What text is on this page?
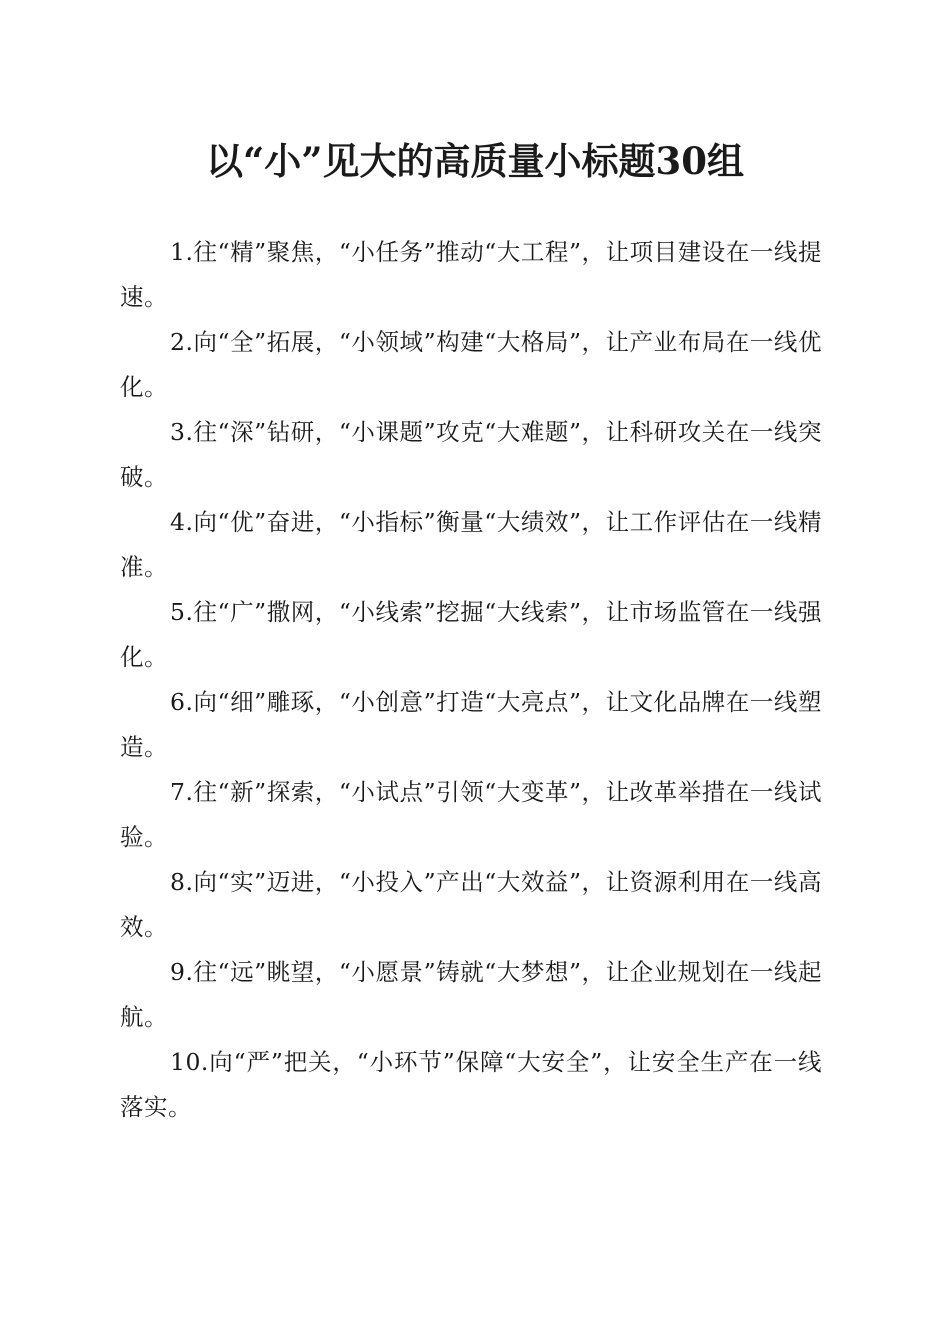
以“小”见大的高质量小标题30组
1.往“精”聚焦，“小任务”推动“大工程”，让项目建设在一线提速。
2.向“全”拓展，“小领域”构建“大格局”，让产业布局在一线优化。
3.往“深”钻研，“小课题”攻克“大难题”，让科研攻关在一线突破。
4.向“优”奋进，“小指标”衡量“大绩效”，让工作评估在一线精准。
5.往“广”撒网，“小线索”挖掘“大线索”，让市场监管在一线强化。
6.向“细”雕琢，“小创意”打造“大亮点”，让文化品牌在一线塑造。
7.往“新”探索，“小试点”引领“大变革”，让改革举措在一线试验。
8.向“实”迈进，“小投入”产出“大效益”，让资源利用在一线高效。
9.往“远”眺望，“小愿景”铸就“大梦想”，让企业规划在一线起航。
10.向“严”把关，“小环节”保障“大安全”，让安全生产在一线落实。
